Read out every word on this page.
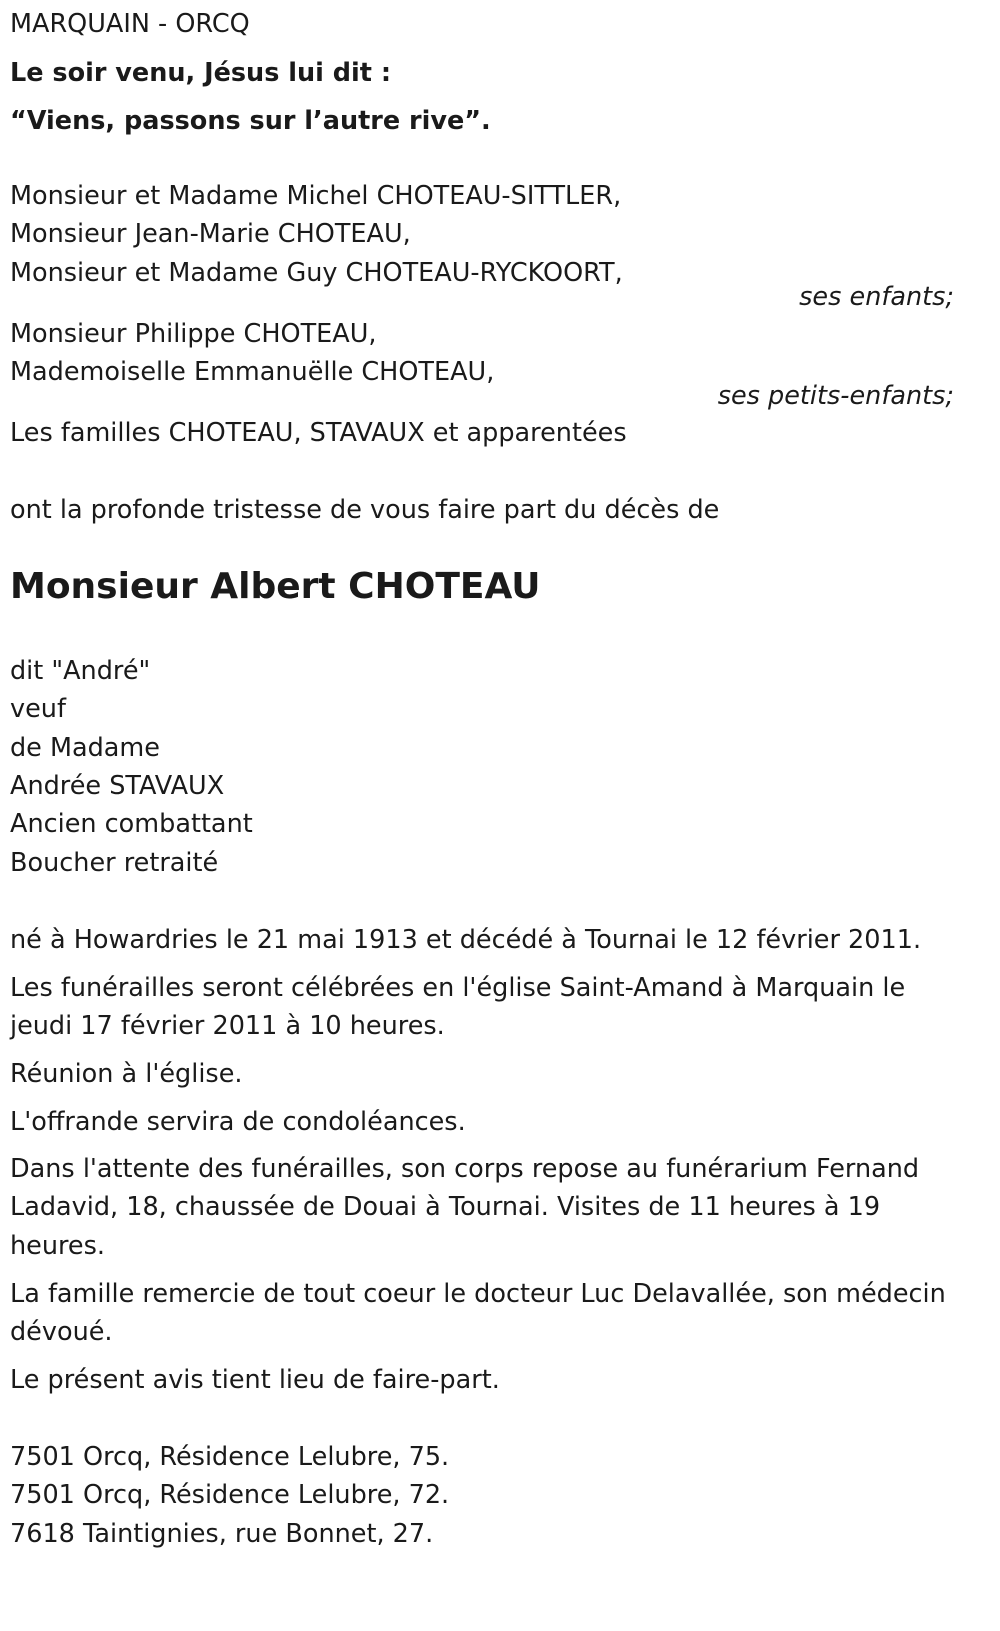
MARQUAIN - ORCQ
Le soir venu, Jésus lui dit :
“Viens, passons sur l’autre rive”.
Monsieur et Madame Michel CHOTEAU-SITTLER,
Monsieur Jean-Marie CHOTEAU,
Monsieur et Madame Guy CHOTEAU-RYCKOORT,
ses enfants;
Monsieur Philippe CHOTEAU,
Mademoiselle Emmanuëlle CHOTEAU,
ses petits-enfants;
Les familles CHOTEAU, STAVAUX et apparentées
ont la profonde tristesse de vous faire part du décès de
Monsieur Albert CHOTEAU
dit "André"
veuf
de Madame
Andrée STAVAUX
Ancien combattant
Boucher retraité
né à Howardries le 21 mai 1913 et décédé à Tournai le 12 février 2011.
Les funérailles seront célébrées en l'église Saint-Amand à Marquain le
jeudi 17 février 2011 à 10 heures.
Réunion à l'église.
L'offrande servira de condoléances.
Dans l'attente des funérailles, son corps repose au funérarium Fernand
Ladavid, 18, chaussée de Douai à Tournai. Visites de 11 heures à 19
heures.
La famille remercie de tout coeur le docteur Luc Delavallée, son médecin
dévoué.
Le présent avis tient lieu de faire-part.
7501 Orcq, Résidence Lelubre, 75.
7501 Orcq, Résidence Lelubre, 72.
7618 Taintignies, rue Bonnet, 27.
